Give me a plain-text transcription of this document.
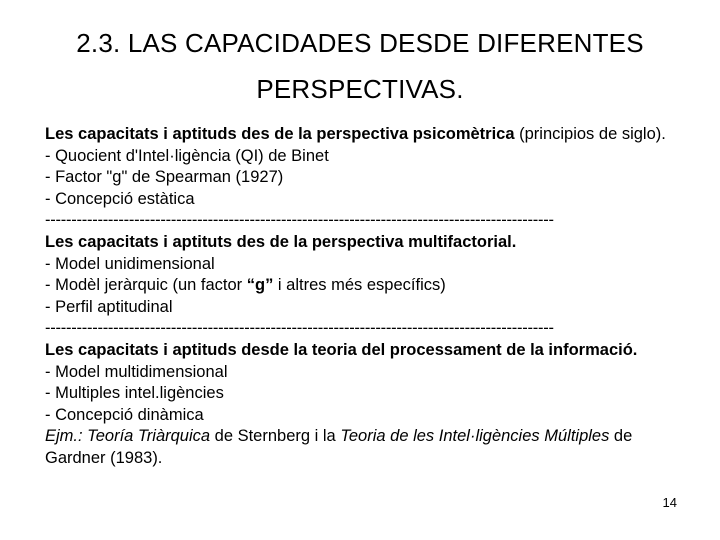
2.3. LAS CAPACIDADES DESDE DIFERENTES
PERSPECTIVAS.
Les capacitats i aptituds des de la perspectiva psicomètrica (principios de siglo).
- Quocient d'Intel·ligència (QI) de Binet
- Factor "g" de Spearman (1927)
- Concepció estàtica
-------------------------------------------------------------------------------------------------
Les capacitats i aptituts des de la perspectiva multifactorial.
- Model unidimensional
- Modèl jeràrquic (un factor “g” i altres més específics)
- Perfil aptitudinal
-------------------------------------------------------------------------------------------------
Les capacitats i aptituds desde la teoria del processament de la informació.
- Model multidimensional
- Multiples intel.ligències
- Concepció dinàmica
Ejm.: Teoría Triàrquica de Sternberg i la Teoria de les Intel·ligències Múltiples de Gardner (1983).
14
